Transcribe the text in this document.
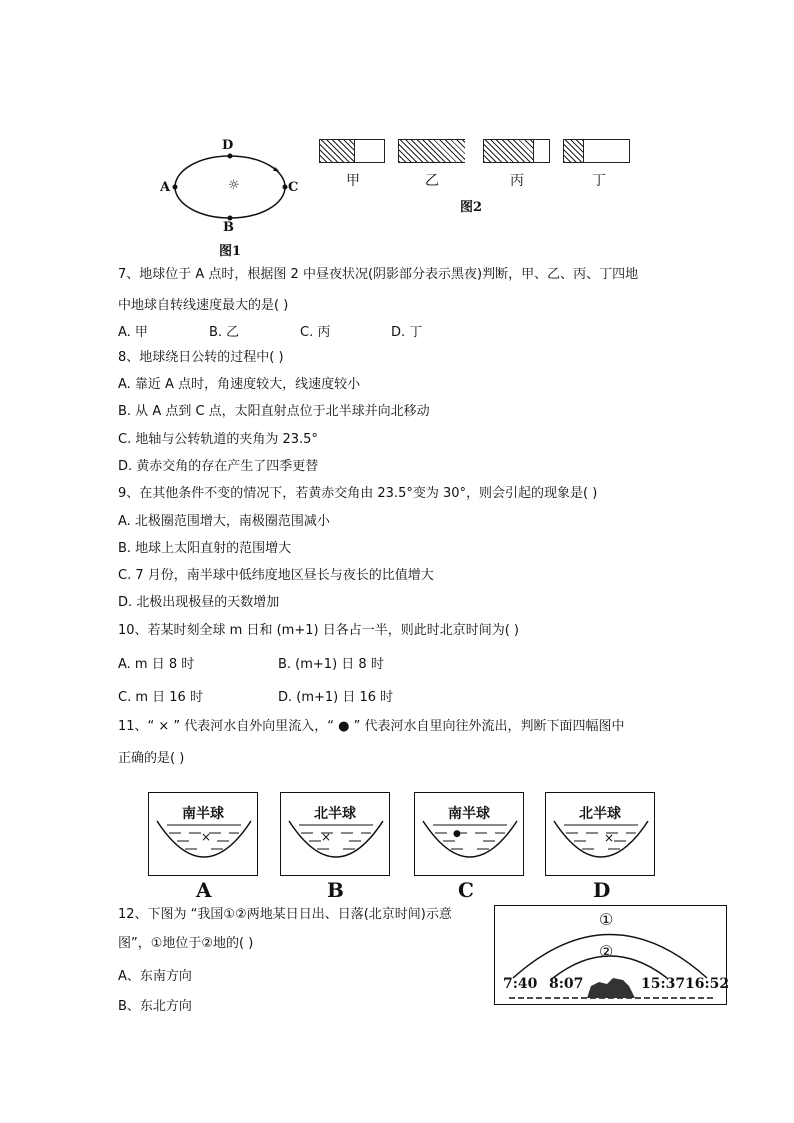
D
A	C
B
☼
图1
甲	乙	丙	丁
图2
7、地球位于 A 点时，根据图 2 中昼夜状况(阴影部分表示黑夜)判断，甲、乙、丙、丁四地
中地球自转线速度最大的是( )
A. 甲	B. 乙	C. 丙	D. 丁
8、地球绕日公转的过程中( )
A. 靠近 A 点时，角速度较大，线速度较小
B. 从 A 点到 C 点，太阳直射点位于北半球并向北移动
C. 地轴与公转轨道的夹角为 23.5°
D. 黄赤交角的存在产生了四季更替
9、在其他条件不变的情况下，若黄赤交角由 23.5°变为 30°，则会引起的现象是( )
A. 北极圈范围增大，南极圈范围减小
B. 地球上太阳直射的范围增大
C. 7 月份，南半球中低纬度地区昼长与夜长的比值增大
D. 北极出现极昼的天数增加
10、若某时刻全球 m 日和 (m+1) 日各占一半，则此时北京时间为( )
A. m 日 8 时	B. (m+1) 日 8 时
C. m 日 16 时	D. (m+1) 日 16 时
11、“ × ” 代表河水自外向里流入，“ ● ” 代表河水自里向往外流出，判断下面四幅图中
正确的是( )
南半球
×
北半球
×
南半球
●
北半球
×
A	B	C	D
12、下图为 “我国①②两地某日日出、日落(北京时间)示意
图”，①地位于②地的( )
A、东南方向
B、东北方向
①
②
7:40 8:07	15:37 16:52
